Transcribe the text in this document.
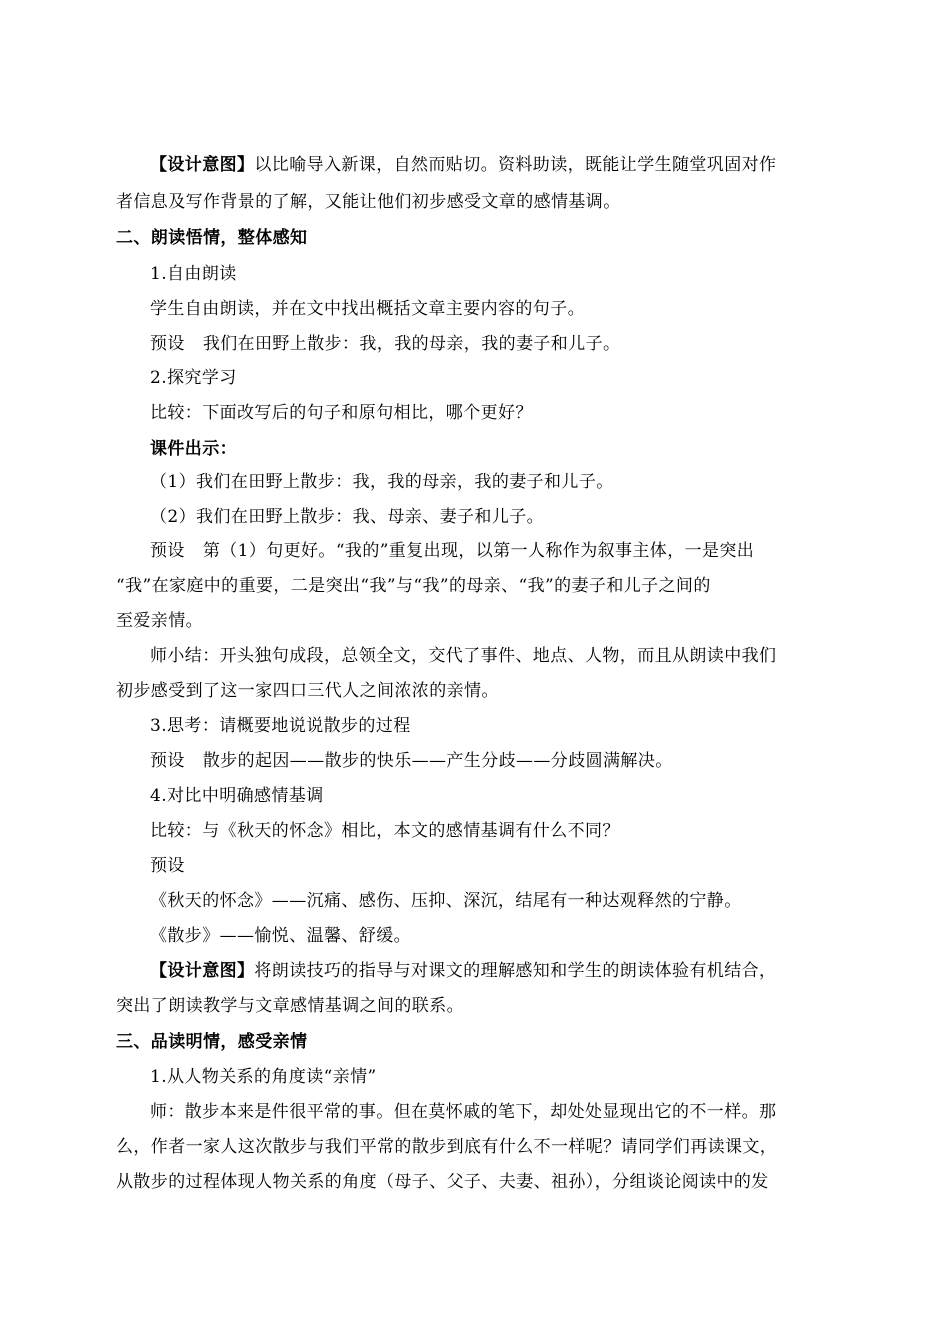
【设计意图】以比喻导入新课，自然而贴切。资料助读，既能让学生随堂巩固对作
者信息及写作背景的了解，又能让他们初步感受文章的感情基调。
二、朗读悟情，整体感知
1.自由朗读
学生自由朗读，并在文中找出概括文章主要内容的句子。
预设 我们在田野上散步：我，我的母亲，我的妻子和儿子。
2.探究学习
比较：下面改写后的句子和原句相比，哪个更好？
课件出示：
（1）我们在田野上散步：我，我的母亲，我的妻子和儿子。
（2）我们在田野上散步：我、母亲、妻子和儿子。
预设 第（1）句更好。“我的”重复出现，以第一人称作为叙事主体，一是突出
“我”在家庭中的重要，二是突出“我”与“我”的母亲、“我”的妻子和儿子之间的
至爱亲情。
师小结：开头独句成段，总领全文，交代了事件、地点、人物，而且从朗读中我们
初步感受到了这一家四口三代人之间浓浓的亲情。
3.思考：请概要地说说散步的过程
预设 散步的起因——散步的快乐——产生分歧——分歧圆满解决。
4.对比中明确感情基调
比较：与《秋天的怀念》相比，本文的感情基调有什么不同？
预设
《秋天的怀念》——沉痛、感伤、压抑、深沉，结尾有一种达观释然的宁静。
《散步》——愉悦、温馨、舒缓。
【设计意图】将朗读技巧的指导与对课文的理解感知和学生的朗读体验有机结合，
突出了朗读教学与文章感情基调之间的联系。
三、品读明情，感受亲情
1.从人物关系的角度读“亲情”
师：散步本来是件很平常的事。但在莫怀戚的笔下，却处处显现出它的不一样。那
么，作者一家人这次散步与我们平常的散步到底有什么不一样呢？请同学们再读课文，
从散步的过程体现人物关系的角度（母子、父子、夫妻、祖孙），分组谈论阅读中的发
